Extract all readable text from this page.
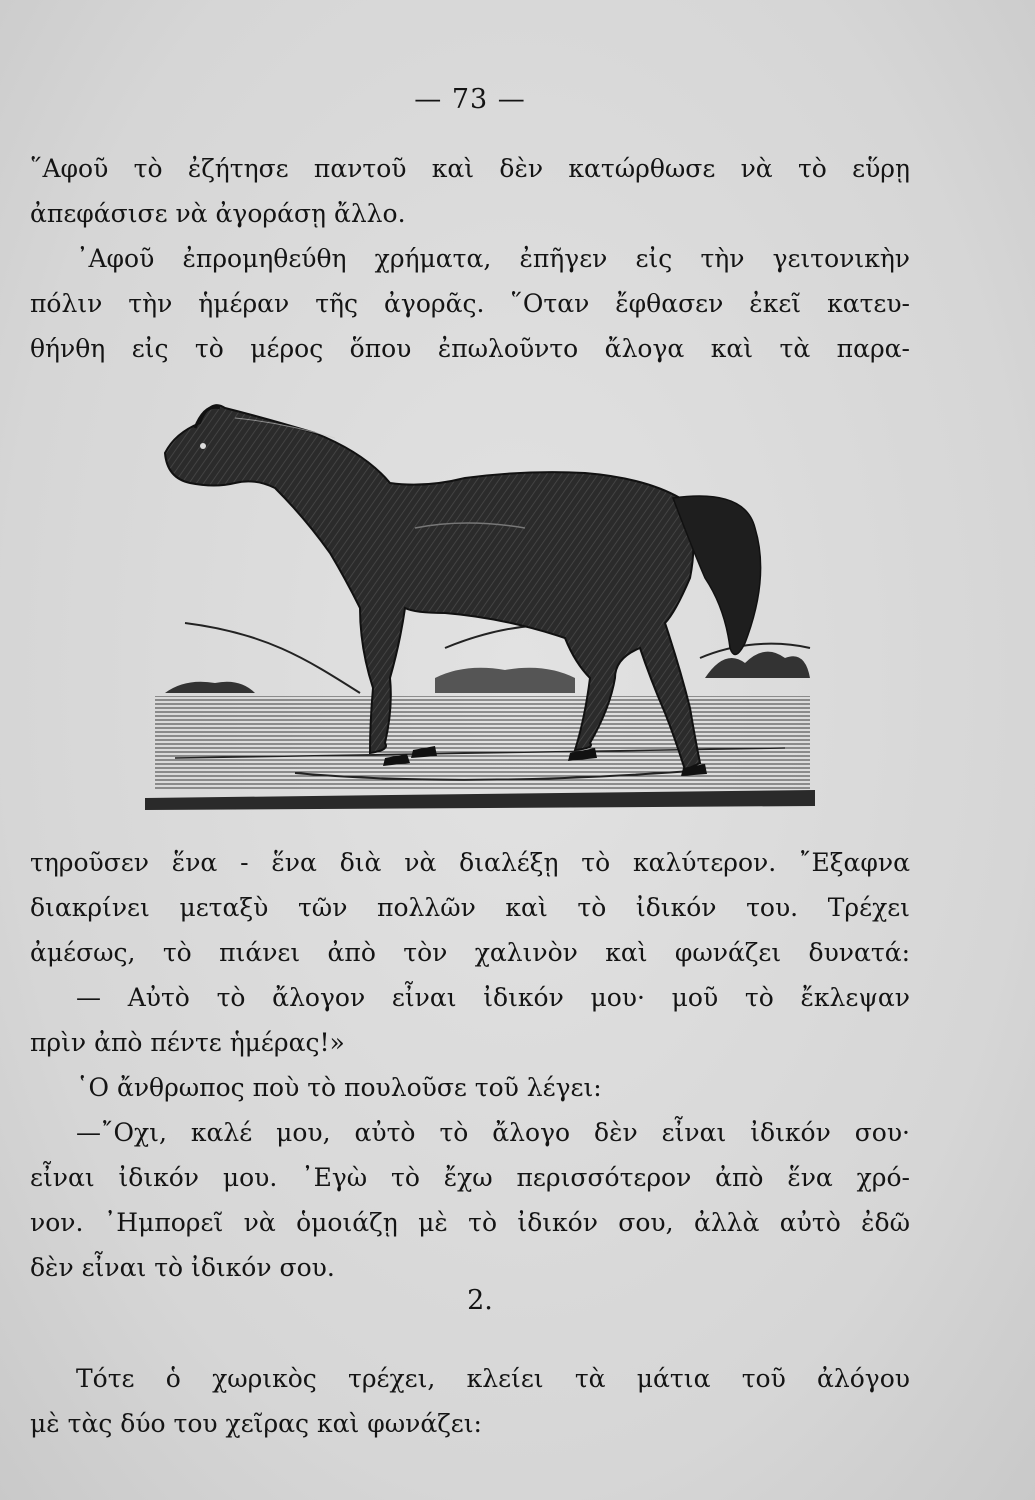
— 73 —
῞Αφοῦ τὸ ἐζήτησε παντοῦ καὶ δὲν κατώρθωσε νὰ τὸ εὕρῃ
ἀπεφάσισε νὰ ἀγοράσῃ ἄλλο.
᾿Αφοῦ ἐπρομηθεύθη χρήματα, ἐπῆγεν εἰς τὴν γειτονικὴν
πόλιν τὴν ἡμέραν τῆς ἀγορᾶς. ῞Οταν ἔφθασεν ἐκεῖ κατευ-
θήνθη εἰς τὸ μέρος ὅπου ἐπωλοῦντο ἄλογα καὶ τὰ παρα-
τηροῦσεν ἕνα - ἕνα διὰ νὰ διαλέξῃ τὸ καλύτερον. ῎Εξαφνα
διακρίνει μεταξὺ τῶν πολλῶν καὶ τὸ ἰδικόν του. Τρέχει
ἀμέσως, τὸ πιάνει ἀπὸ τὸν χαλινὸν καὶ φωνάζει δυνατά:
— Αὐτὸ τὸ ἄλογον εἶναι ἰδικόν μου· μοῦ τὸ ἔκλεψαν
πρὶν ἀπὸ πέντε ἡμέρας!»
῾Ο ἄνθρωπος ποὺ τὸ πουλοῦσε τοῦ λέγει:
—῎Οχι, καλέ μου, αὐτὸ τὸ ἄλογο δὲν εἶναι ἰδικόν σου·
εἶναι ἰδικόν μου. ᾿Εγὼ τὸ ἔχω περισσότερον ἀπὸ ἕνα χρό-
νον. ᾿Ημπορεῖ νὰ ὁμοιάζῃ μὲ τὸ ἰδικόν σου, ἀλλὰ αὐτὸ ἐδῶ
δὲν εἶναι τὸ ἰδικόν σου.
2.
Τότε ὁ χωρικὸς τρέχει, κλείει τὰ μάτια τοῦ ἀλόγου
μὲ τὰς δύο του χεῖρας καὶ φωνάζει:
